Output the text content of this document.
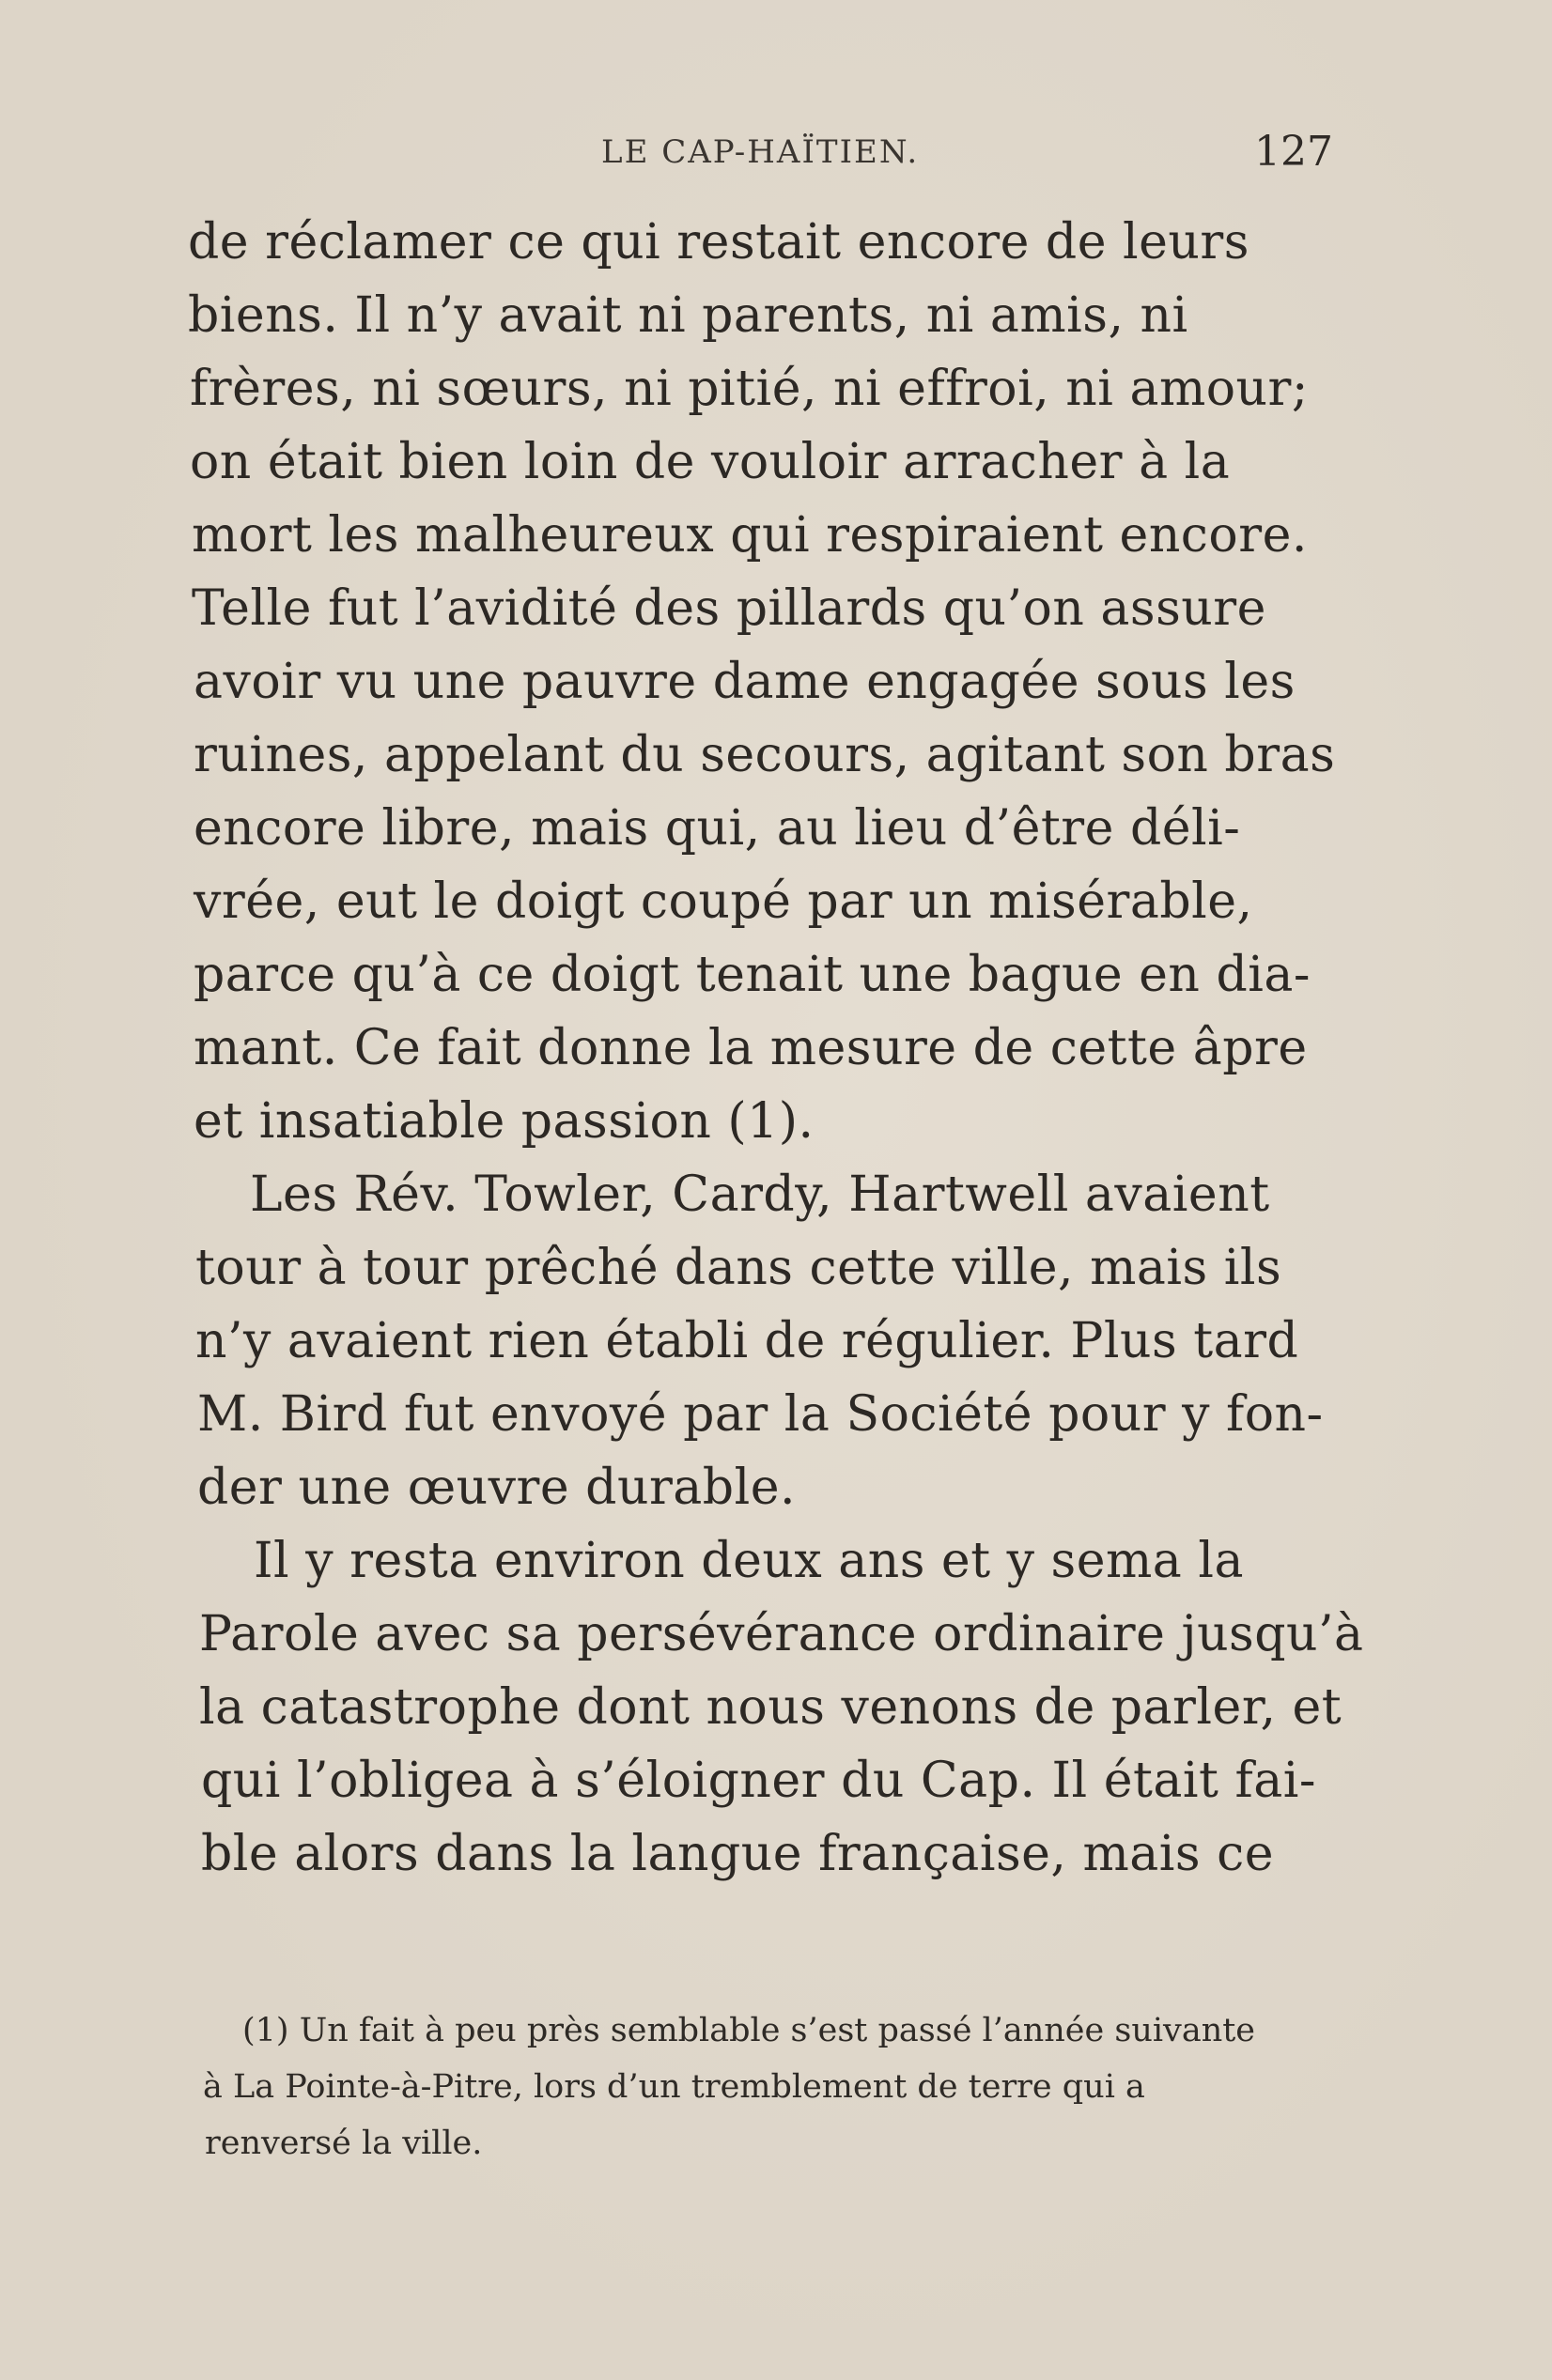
LE CAP-HAÏTIEN.	127
de réclamer ce qui restait encore de leurs
biens. Il n’y avait ni parents, ni amis, ni
frères, ni sœurs, ni pitié, ni effroi, ni amour;
on était bien loin de vouloir arracher à la
mort les malheureux qui respiraient encore.
Telle fut l’avidité des pillards qu’on assure
avoir vu une pauvre dame engagée sous les
ruines, appelant du secours, agitant son bras
encore libre, mais qui, au lieu d’être déli-
vrée, eut le doigt coupé par un misérable,
parce qu’à ce doigt tenait une bague en dia-
mant. Ce fait donne la mesure de cette âpre
et insatiable passion (1).
Les Rév. Towler, Cardy, Hartwell avaient
tour à tour prêché dans cette ville, mais ils
n’y avaient rien établi de régulier. Plus tard
M. Bird fut envoyé par la Société pour y fon-
der une œuvre durable.
Il y resta environ deux ans et y sema la
Parole avec sa persévérance ordinaire jusqu’à
la catastrophe dont nous venons de parler, et
qui l’obligea à s’éloigner du Cap. Il était fai-
ble alors dans la langue française, mais ce
(1) Un fait à peu près semblable s’est passé l’année suivante
à La Pointe-à-Pitre, lors d’un tremblement de terre qui a
renversé la ville.
